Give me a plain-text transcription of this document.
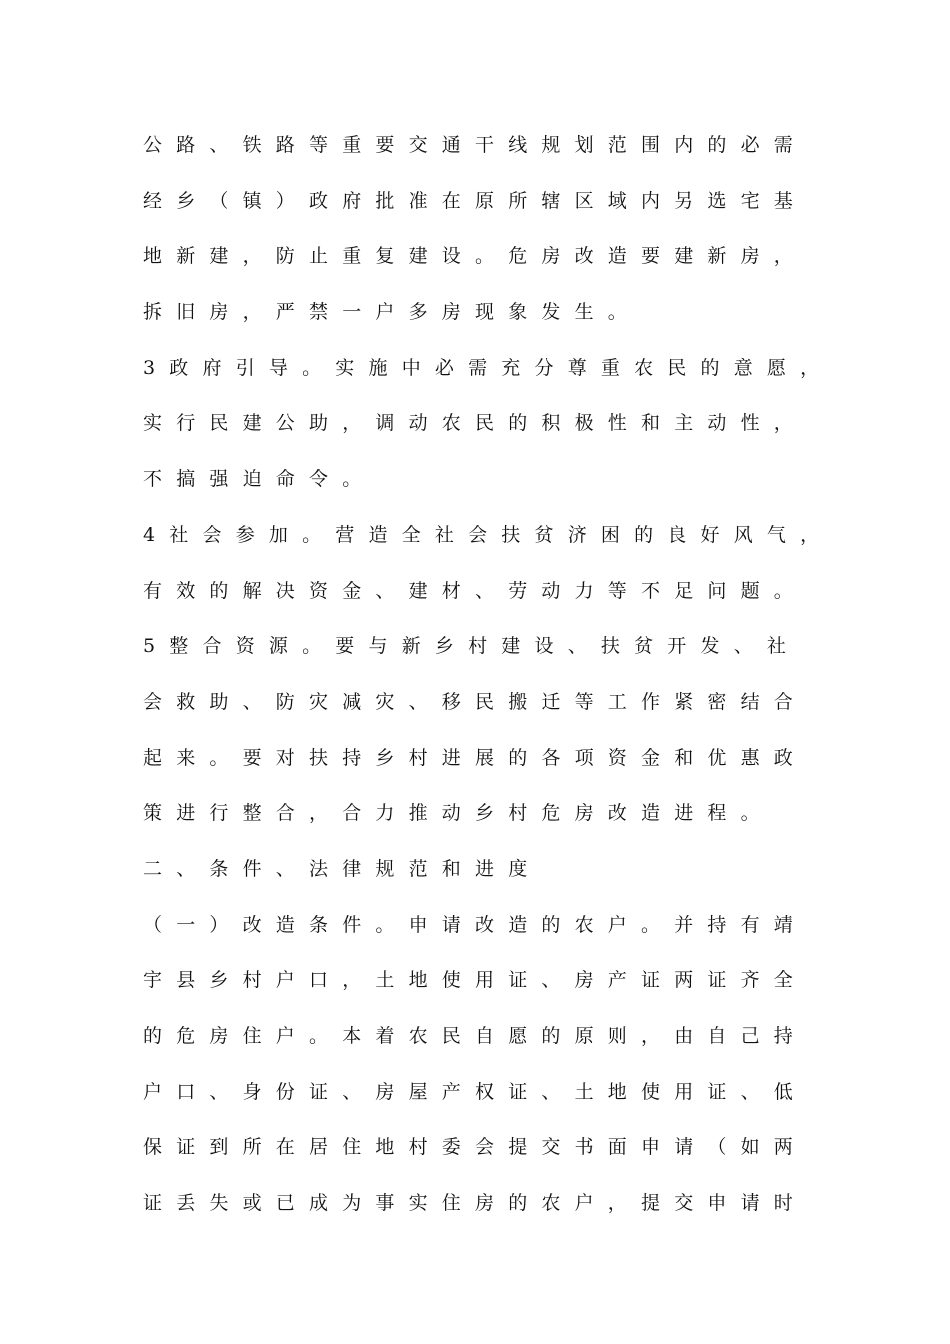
公路、铁路等重要交通干线规划范围内的必需
经乡（镇）政府批准在原所辖区域内另选宅基
地新建，防止重复建设。危房改造要建新房，
拆旧房，严禁一户多房现象发生。
3政府引导。实施中必需充分尊重农民的意愿，
实行民建公助，调动农民的积极性和主动性，
不搞强迫命令。
4社会参加。营造全社会扶贫济困的良好风气，
有效的解决资金、建材、劳动力等不足问题。
5整合资源。要与新乡村建设、扶贫开发、社
会救助、防灾减灾、移民搬迁等工作紧密结合
起来。要对扶持乡村进展的各项资金和优惠政
策进行整合，合力推动乡村危房改造进程。
二、条件、法律规范和进度
（一）改造条件。申请改造的农户。并持有靖
宇县乡村户口，土地使用证、房产证两证齐全
的危房住户。本着农民自愿的原则，由自己持
户口、身份证、房屋产权证、土地使用证、低
保证到所在居住地村委会提交书面申请（如两
证丢失或已成为事实住房的农户，提交申请时
